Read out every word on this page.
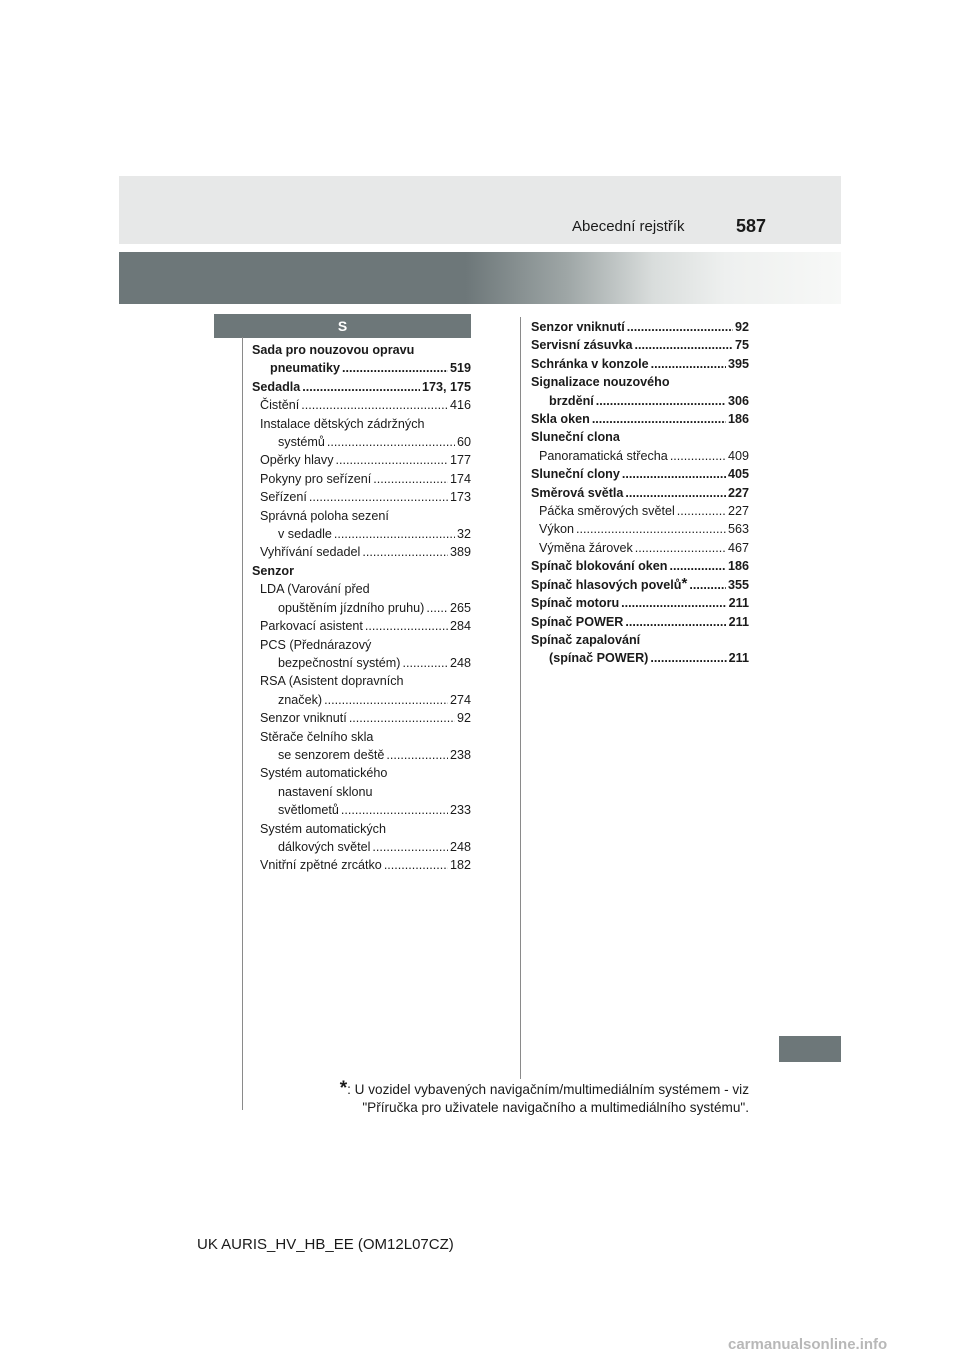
Abecední rejstřík	587
S
Sada pro nouzovou opravu
pneumatiky .....	519
Sedadla .....	173, 175
Čistění .....	416
Instalace dětských zádržných
systémů .....	60
Opěrky hlavy .....	177
Pokyny pro seřízení .....	174
Seřízení .....	173
Správná poloha sezení
v sedadle .....	32
Vyhřívání sedadel .....	389
Senzor
LDA (Varování před
opuštěním jízdního pruhu) ..... 265
Parkovací asistent .....	284
PCS (Přednárazový
bezpečnostní systém) .....	248
RSA (Asistent dopravních
značek) .....	274
Senzor vniknutí .....	92
Stěrače čelního skla
se senzorem deště .....	238
Systém automatického
nastavení sklonu
světlometů .....	233
Systém automatických
dálkových světel .....	248
Vnitřní zpětné zrcátko .....	182
Senzor vniknutí .....	92
Servisní zásuvka .....	75
Schránka v konzole .....	395
Signalizace nouzového
brzdění .....	306
Skla oken .....	186
Sluneční clona
Panoramatická střecha .....	409
Sluneční clony .....	405
Směrová světla .....	227
Páčka směrových světel .....	227
Výkon .....	563
Výměna žárovek .....	467
Spínač blokování oken .....	186
Spínač hlasových povelů* .....	355
Spínač motoru .....	211
Spínač POWER .....	211
Spínač zapalování
(spínač POWER) .....	211
*: U vozidel vybavených navigačním/multimediálním systémem - viz
"Příručka pro uživatele navigačního a multimediálního systému".
UK AURIS_HV_HB_EE (OM12L07CZ)
carmanualsonline.info
